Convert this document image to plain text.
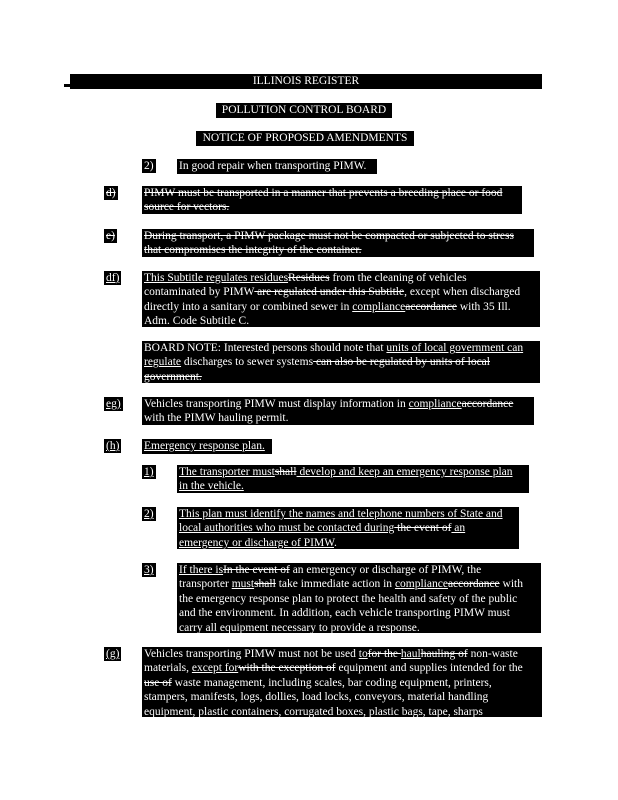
ILLINOIS REGISTER
POLLUTION CONTROL BOARD
NOTICE OF PROPOSED AMENDMENTS
2) In good repair when transporting PIMW.
d) PIMW must be transported in a manner that prevents a breeding place or food
source for vectors.
e)	During transport, a PIMW package must not be compacted or subjected to stress
that compromises the integrity of the container.
df) This Subtitle regulates residuesResidues from the cleaning of vehicles
contaminated by PIMW are regulated under this Subtitle, except when discharged
directly into a sanitary or combined sewer in complianceaccordance with 35 Ill.
Adm. Code Subtitle C.
BOARD NOTE: Interested persons should note that units of local government can
regulate discharges to sewer systems can also be regulated by units of local
government.
eg) Vehicles transporting PIMW must display information in complianceaccordance
with the PIMW hauling permit.
(h) Emergency response plan.
1) The transporter mustshall develop and keep an emergency response plan
in the vehicle.
2) This plan must identify the names and telephone numbers of State and
local authorities who must be contacted during the event of an
emergency or discharge of PIMW.
3) If there isIn the event of an emergency or discharge of PIMW, the
transporter mustshall take immediate action in complianceaccordance with
the emergency response plan to protect the health and safety of the public
and the environment. In addition, each vehicle transporting PIMW must
carry all equipment necessary to provide a response.
(g) Vehicles transporting PIMW must not be used tofor the haulhauling of non-waste
materials, except forwith the exception of equipment and supplies intended for the
use of waste management, including scales, bar coding equipment, printers,
stampers, manifests, logs, dollies, load locks, conveyors, material handling
equipment, plastic containers, corrugated boxes, plastic bags, tape, sharps
